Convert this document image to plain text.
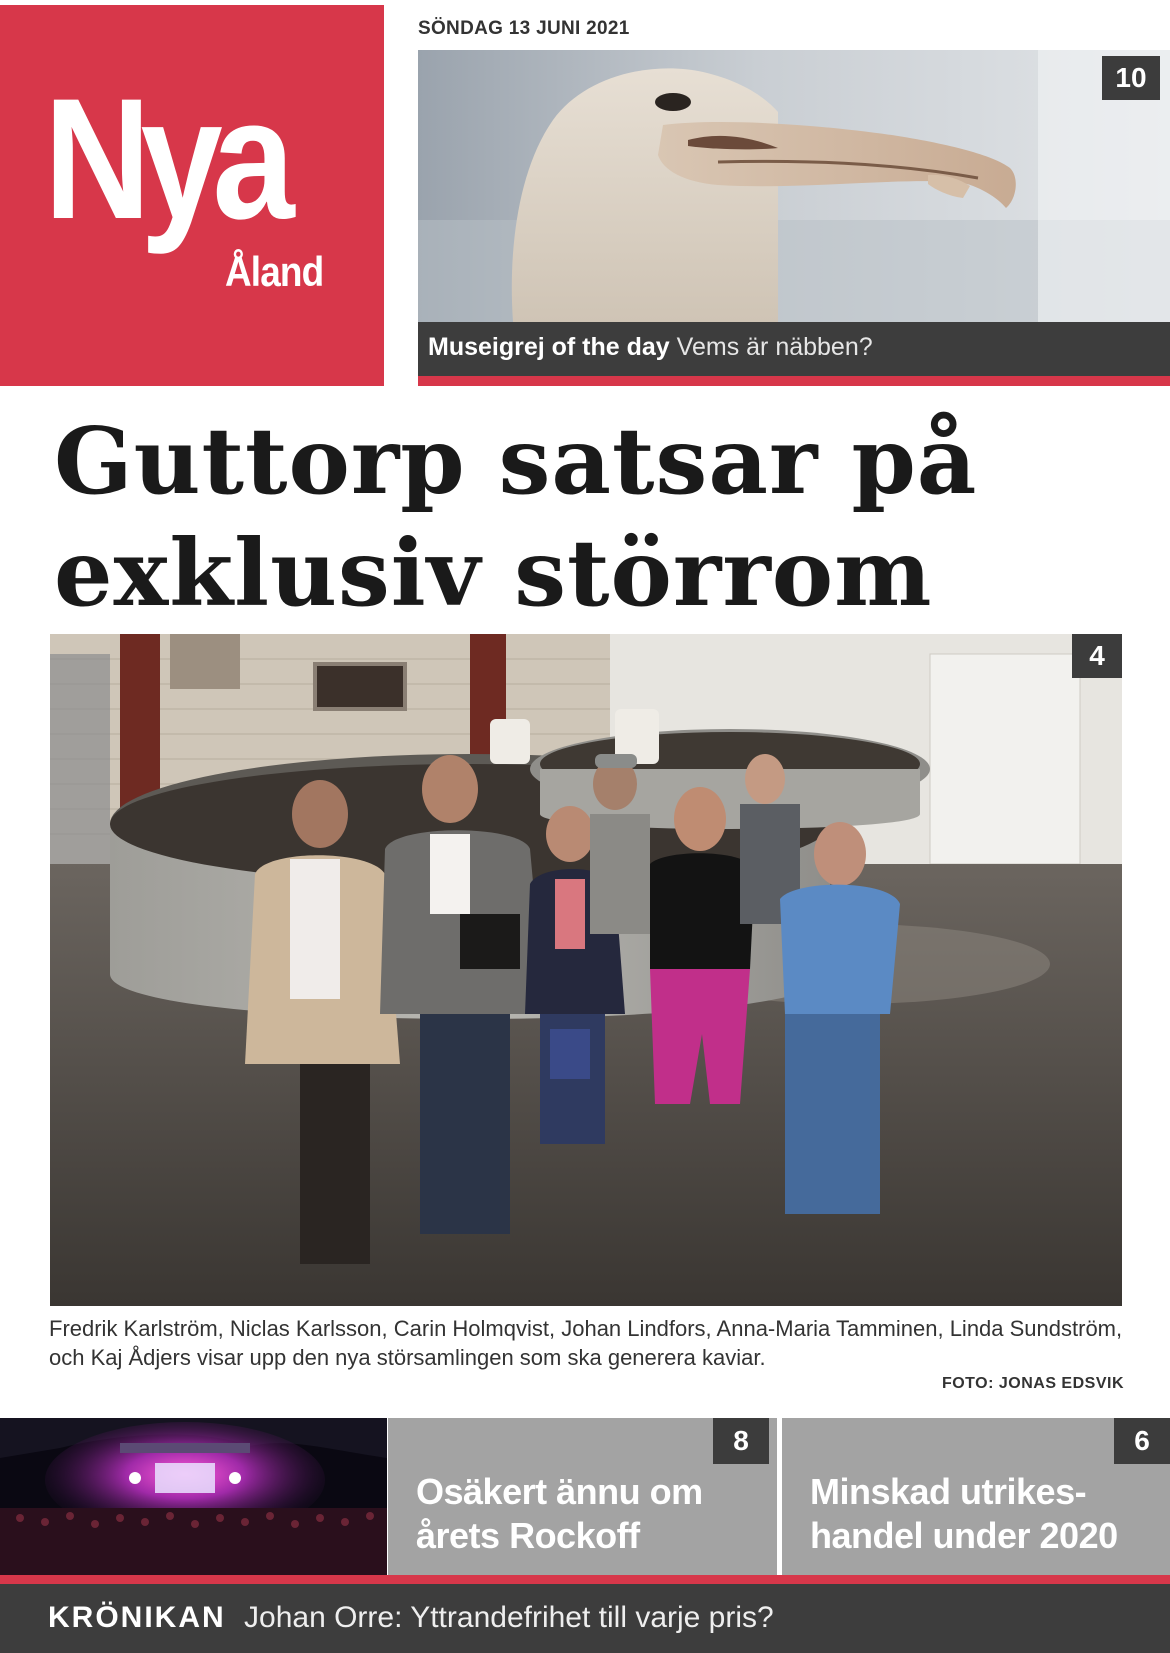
Nya
Åland
SÖNDAG 13 JUNI 2021
10
Museigrej of the day Vems är näbben?
Guttorp satsar på
exklusiv störrom
4
Fredrik Karlström, Niclas Karlsson, Carin Holmqvist, Johan Lindfors, Anna-Maria Tamminen, Linda Sundström, och Kaj Ådjers visar upp den nya störsamlingen som ska generera kaviar.
FOTO: JONAS EDSVIK
8
Osäkert ännu om årets Rockoff
6
Minskad utrikes-handel under 2020
KRÖNIKAN Johan Orre: Yttrandefrihet till varje pris?
